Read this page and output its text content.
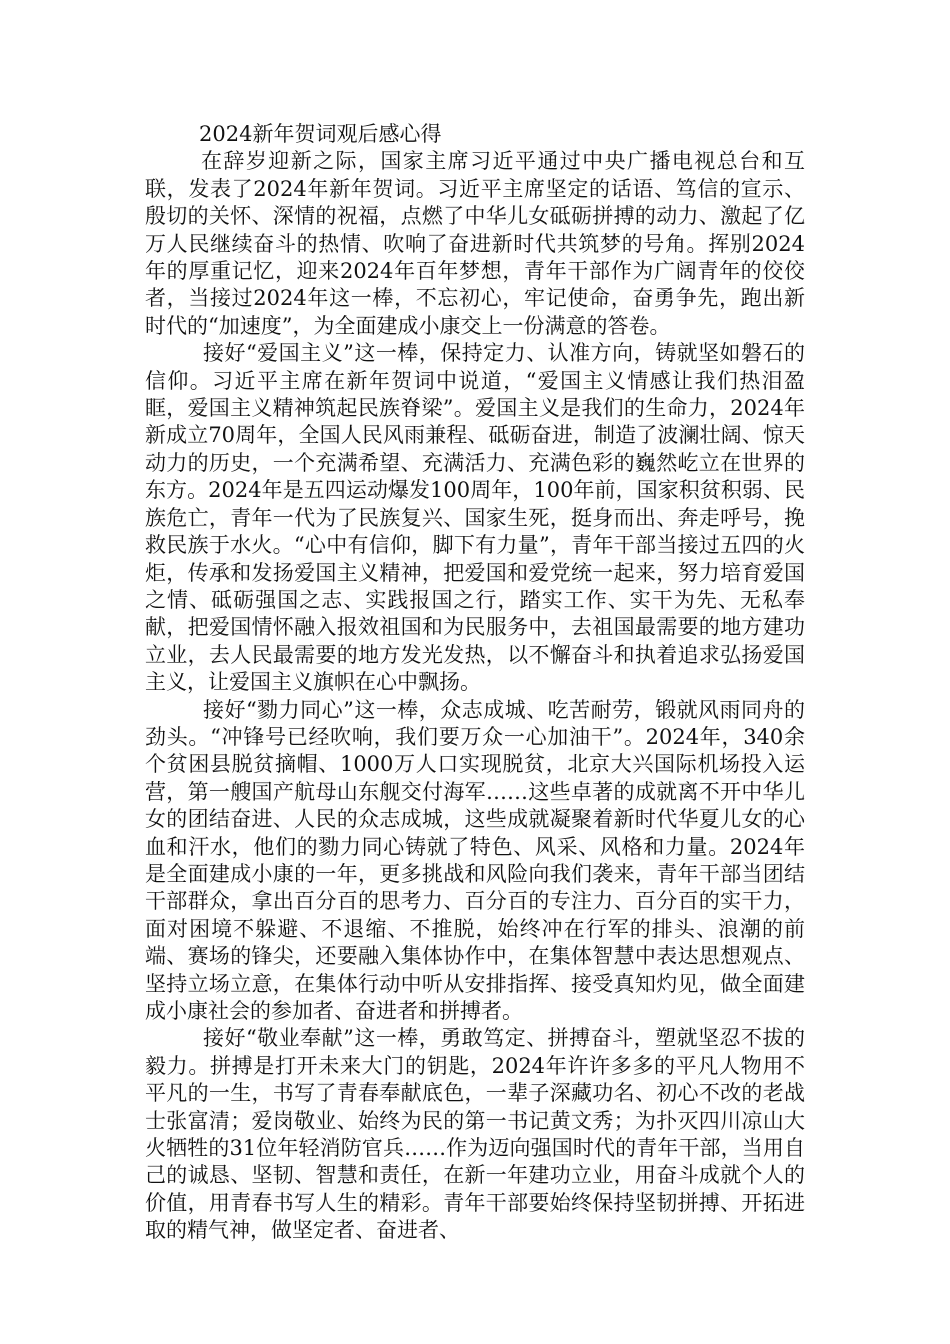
2024新年贺词观后感心得

在辞岁迎新之际，国家主席习近平通过中央广播电视总台和互联，发表了2024年新年贺词。习近平主席坚定的话语、笃信的宣示、殷切的关怀、深情的祝福，点燃了中华儿女砥砺拼搏的动力、激起了亿万人民继续奋斗的热情、吹响了奋进新时代共筑梦的号角。挥别2024年的厚重记忆，迎来2024年百年梦想，青年干部作为广阔青年的佼佼者，当接过2024年这一棒，不忘初心，牢记使命，奋勇争先，跑出新时代的“加速度”，为全面建成小康交上一份满意的答卷。

接好“爱国主义”这一棒，保持定力、认准方向，铸就坚如磐石的信仰。习近平主席在新年贺词中说道，“爱国主义情感让我们热泪盈眶，爱国主义精神筑起民族脊梁”。爱国主义是我们的生命力，2024年新成立70周年，全国人民风雨兼程、砥砺奋进，制造了波澜壮阔、惊天动力的历史，一个充满希望、充满活力、充满色彩的巍然屹立在世界的东方。2024年是五四运动爆发100周年，100年前，国家积贫积弱、民族危亡，青年一代为了民族复兴、国家生死，挺身而出、奔走呼号，挽救民族于水火。“心中有信仰，脚下有力量”，青年干部当接过五四的火炬，传承和发扬爱国主义精神，把爱国和爱党统一起来，努力培育爱国之情、砥砺强国之志、实践报国之行，踏实工作、实干为先、无私奉献，把爱国情怀融入报效祖国和为民服务中，去祖国最需要的地方建功立业，去人民最需要的地方发光发热，以不懈奋斗和执着追求弘扬爱国主义，让爱国主义旗帜在心中飘扬。

接好“勠力同心”这一棒，众志成城、吃苦耐劳，锻就风雨同舟的劲头。“冲锋号已经吹响，我们要万众一心加油干”。2024年，340余个贫困县脱贫摘帽、1000万人口实现脱贫，北京大兴国际机场投入运营，第一艘国产航母山东舰交付海军……这些卓著的成就离不开中华儿女的团结奋进、人民的众志成城，这些成就凝聚着新时代华夏儿女的心血和汗水，他们的勠力同心铸就了特色、风采、风格和力量。2024年是全面建成小康的一年，更多挑战和风险向我们袭来，青年干部当团结干部群众，拿出百分百的思考力、百分百的专注力、百分百的实干力，面对困境不躲避、不退缩、不推脱，始终冲在行军的排头、浪潮的前端、赛场的锋尖，还要融入集体协作中，在集体智慧中表达思想观点、坚持立场立意，在集体行动中听从安排指挥、接受真知灼见，做全面建成小康社会的参加者、奋进者和拼搏者。

接好“敬业奉献”这一棒，勇敢笃定、拼搏奋斗，塑就坚忍不拔的毅力。拼搏是打开未来大门的钥匙，2024年许许多多的平凡人物用不平凡的一生，书写了青春奉献底色，一辈子深藏功名、初心不改的老战士张富清；爱岗敬业、始终为民的第一书记黄文秀；为扑灭四川凉山大火牺牲的31位年轻消防官兵……作为迈向强国时代的青年干部，当用自己的诚恳、坚韧、智慧和责任，在新一年建功立业，用奋斗成就个人的价值，用青春书写人生的精彩。青年干部要始终保持坚韧拼搏、开拓进取的精气神，做坚定者、奋进者、
